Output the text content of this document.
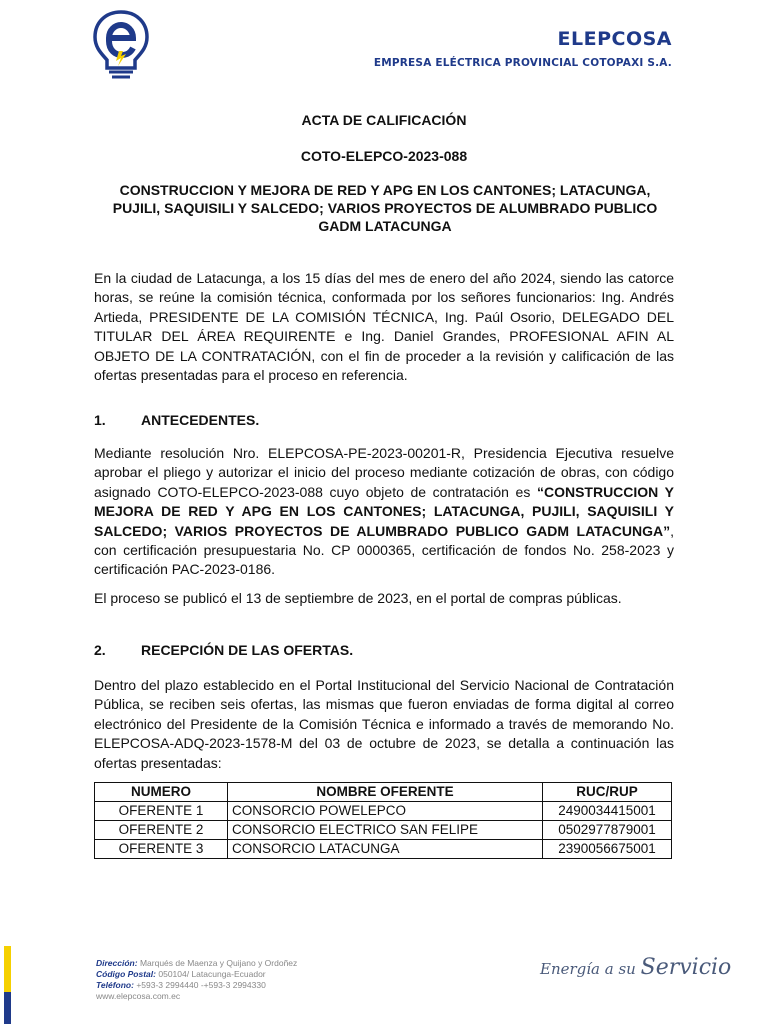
ELEPCOSA
EMPRESA ELÉCTRICA PROVINCIAL COTOPAXI S.A.
ACTA DE CALIFICACIÓN
COTO-ELEPCO-2023-088
CONSTRUCCION Y MEJORA DE RED Y APG EN LOS CANTONES; LATACUNGA, PUJILI, SAQUISILI Y SALCEDO; VARIOS PROYECTOS DE ALUMBRADO PUBLICO GADM LATACUNGA
En la ciudad de Latacunga, a los 15 días del mes de enero del año 2024, siendo las catorce horas, se reúne la comisión técnica, conformada por los señores funcionarios: Ing. Andrés Artieda, PRESIDENTE DE LA COMISIÓN TÉCNICA, Ing. Paúl Osorio, DELEGADO DEL TITULAR DEL ÁREA REQUIRENTE e Ing. Daniel Grandes, PROFESIONAL AFIN AL OBJETO DE LA CONTRATACIÓN, con el fin de proceder a la revisión y calificación de las ofertas presentadas para el proceso en referencia.
1.	ANTECEDENTES.
Mediante resolución Nro. ELEPCOSA-PE-2023-00201-R, Presidencia Ejecutiva resuelve aprobar el pliego y autorizar el inicio del proceso mediante cotización de obras, con código asignado COTO-ELEPCO-2023-088 cuyo objeto de contratación es “CONSTRUCCION Y MEJORA DE RED Y APG EN LOS CANTONES; LATACUNGA, PUJILI, SAQUISILI Y SALCEDO; VARIOS PROYECTOS DE ALUMBRADO PUBLICO GADM LATACUNGA”, con certificación presupuestaria No. CP 0000365, certificación de fondos No. 258-2023 y certificación PAC-2023-0186.
El proceso se publicó el 13 de septiembre de 2023, en el portal de compras públicas.
2.	RECEPCIÓN DE LAS OFERTAS.
Dentro del plazo establecido en el Portal Institucional del Servicio Nacional de Contratación Pública, se reciben seis ofertas, las mismas que fueron enviadas de forma digital al correo electrónico del Presidente de la Comisión Técnica e informado a través de memorando No. ELEPCOSA-ADQ-2023-1578-M del 03 de octubre de 2023, se detalla a continuación las ofertas presentadas:
NUMERO	NOMBRE OFERENTE	RUC/RUP
OFERENTE 1	CONSORCIO POWELEPCO	2490034415001
OFERENTE 2	CONSORCIO ELECTRICO SAN FELIPE	0502977879001
OFERENTE 3	CONSORCIO LATACUNGA	2390056675001
Dirección: Marqués de Maenza y Quijano y Ordoñez
Código Postal: 050104/ Latacunga-Ecuador
Teléfono: +593-3 2994440 -+593-3 2994330
www.elepcosa.com.ec
Energía a su Servicio
